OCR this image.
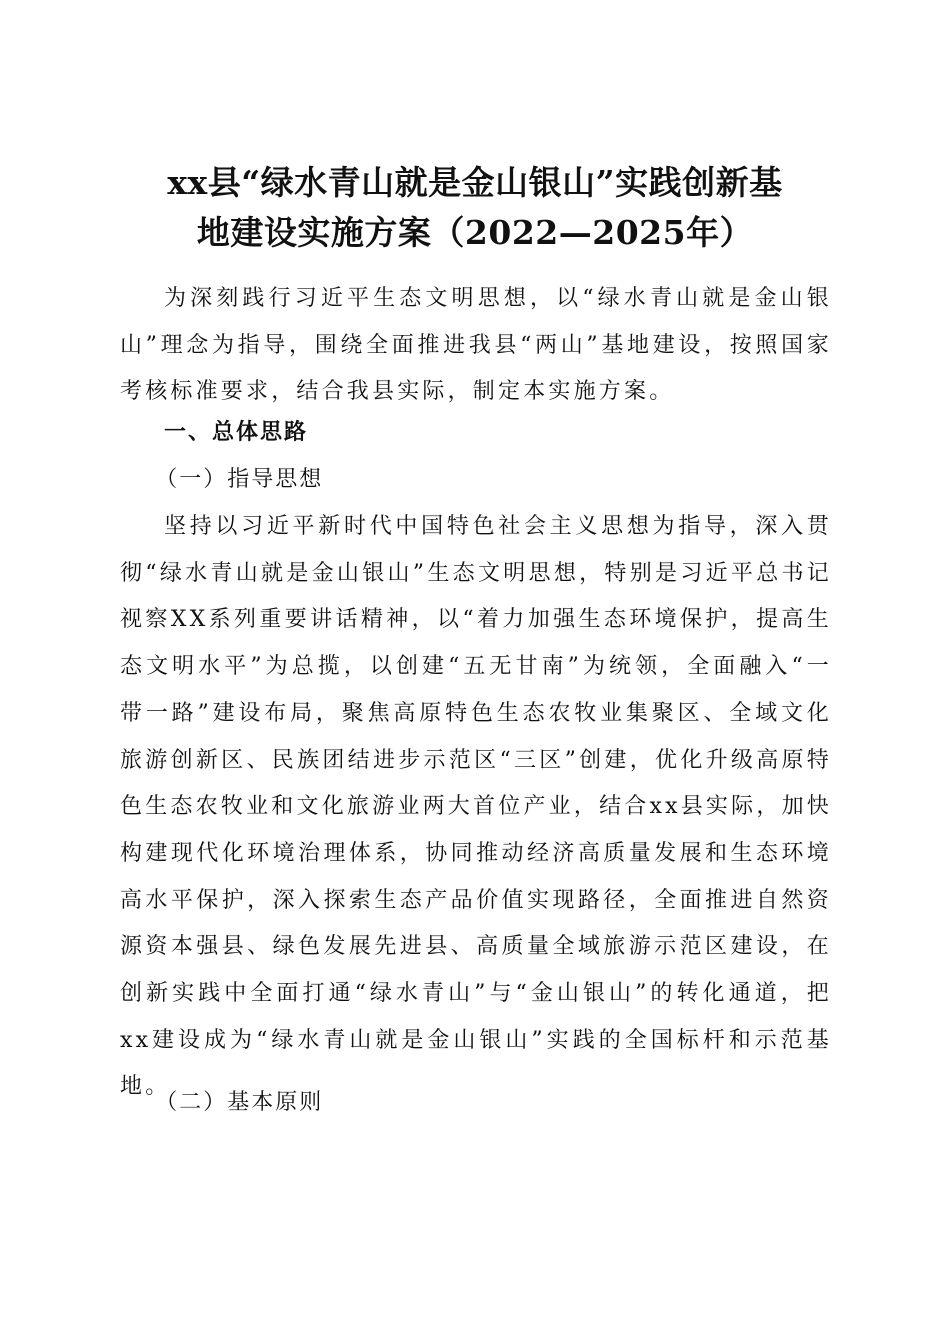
xx县“绿水青山就是金山银山”实践创新基
地建设实施方案（2022—2025年）

为深刻践行习近平生态文明思想，以“绿水青山就是金山银山”理念为指导，围绕全面推进我县“两山”基地建设，按照国家考核标准要求，结合我县实际，制定本实施方案。

一、总体思路

（一）指导思想

坚持以习近平新时代中国特色社会主义思想为指导，深入贯彻“绿水青山就是金山银山”生态文明思想，特别是习近平总书记视察XX系列重要讲话精神，以“着力加强生态环境保护，提高生态文明水平”为总揽，以创建“五无甘南”为统领，全面融入“一带一路”建设布局，聚焦高原特色生态农牧业集聚区、全域文化旅游创新区、民族团结进步示范区“三区”创建，优化升级高原特色生态农牧业和文化旅游业两大首位产业，结合xx县实际，加快构建现代化环境治理体系，协同推动经济高质量发展和生态环境高水平保护，深入探索生态产品价值实现路径，全面推进自然资源资本强县、绿色发展先进县、高质量全域旅游示范区建设，在创新实践中全面打通“绿水青山”与“金山银山”的转化通道，把xx建设成为“绿水青山就是金山银山”实践的全国标杆和示范基地。

（二）基本原则
